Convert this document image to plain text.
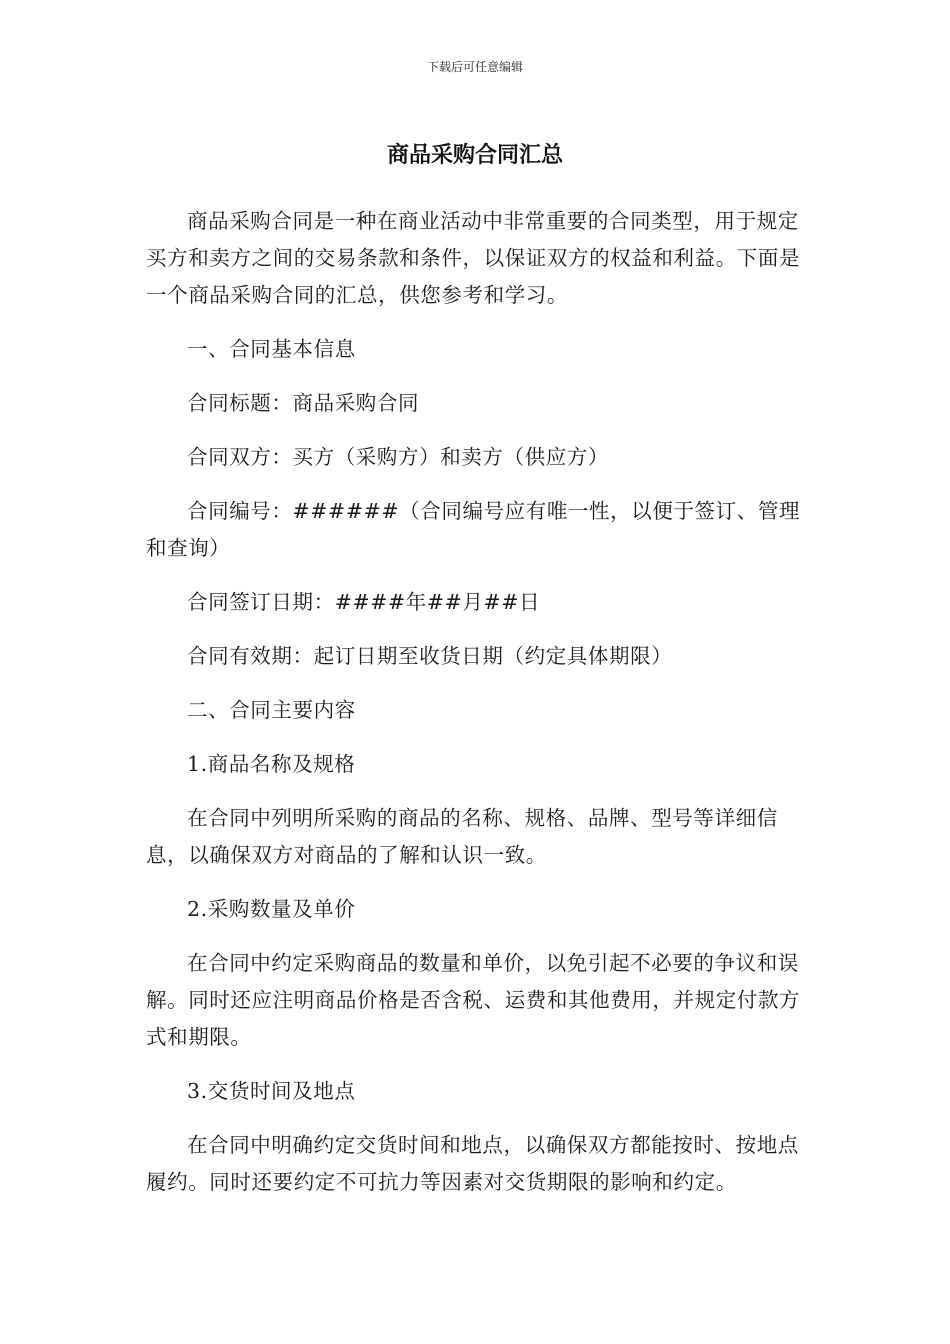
下载后可任意编辑
商品采购合同汇总

商品采购合同是一种在商业活动中非常重要的合同类型，用于规定买方和卖方之间的交易条款和条件，以保证双方的权益和利益。下面是一个商品采购合同的汇总，供您参考和学习。

一、合同基本信息

合同标题：商品采购合同

合同双方：买方（采购方）和卖方（供应方）

合同编号：######（合同编号应有唯一性，以便于签订、管理和查询）

合同签订日期：####年##月##日

合同有效期：起订日期至收货日期（约定具体期限）

二、合同主要内容

1.商品名称及规格

在合同中列明所采购的商品的名称、规格、品牌、型号等详细信息，以确保双方对商品的了解和认识一致。

2.采购数量及单价

在合同中约定采购商品的数量和单价，以免引起不必要的争议和误解。同时还应注明商品价格是否含税、运费和其他费用，并规定付款方式和期限。

3.交货时间及地点

在合同中明确约定交货时间和地点，以确保双方都能按时、按地点履约。同时还要约定不可抗力等因素对交货期限的影响和约定。
